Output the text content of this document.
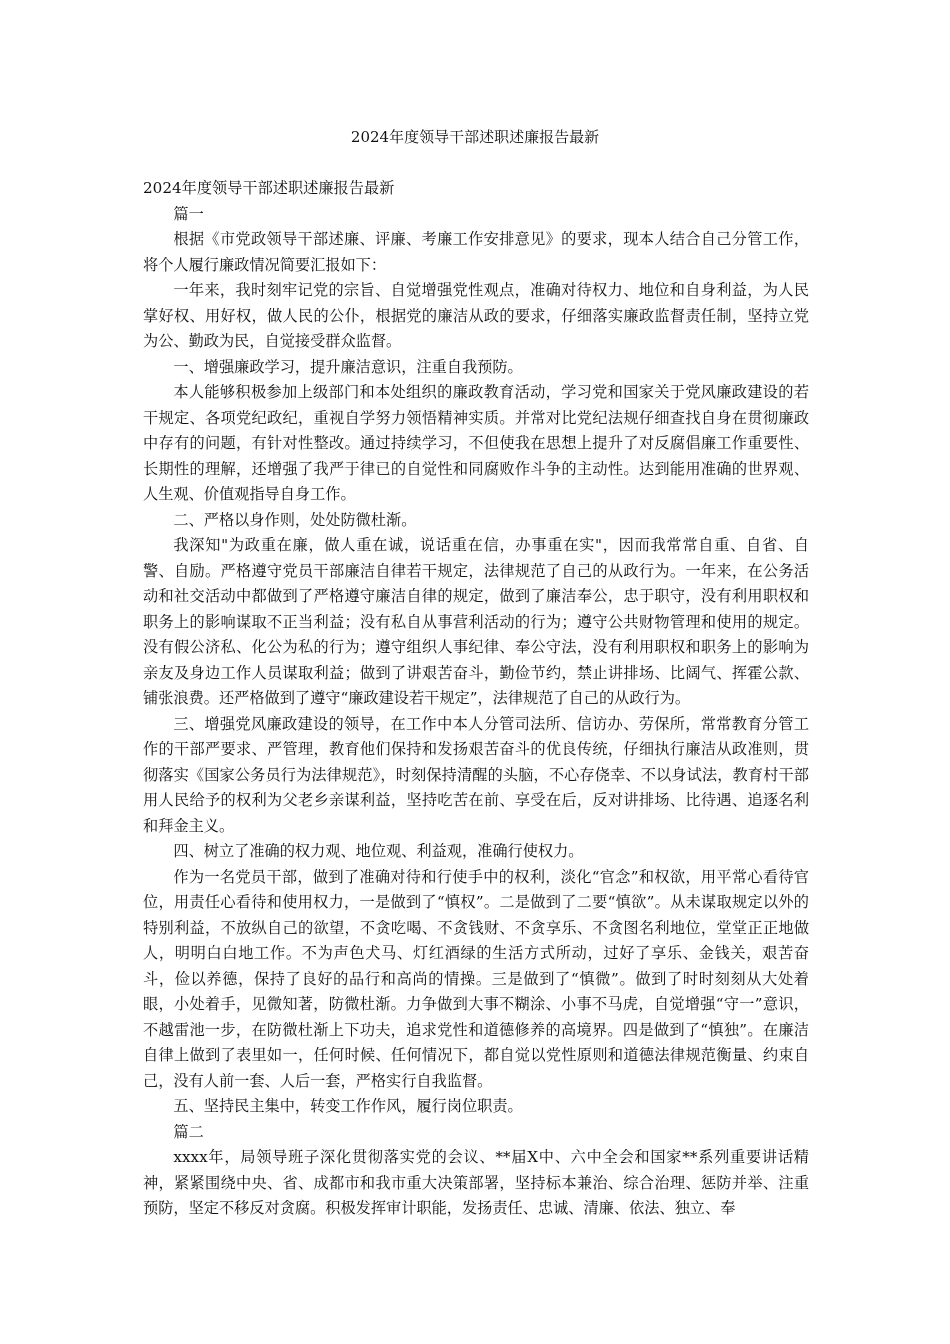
2024年度领导干部述职述廉报告最新

2024年度领导干部述职述廉报告最新

篇一

根据《市党政领导干部述廉、评廉、考廉工作安排意见》的要求，现本人结合自己分管工作，将个人履行廉政情况简要汇报如下：

一年来，我时刻牢记党的宗旨、自觉增强党性观点，准确对待权力、地位和自身利益，为人民掌好权、用好权，做人民的公仆，根据党的廉洁从政的要求，仔细落实廉政监督责任制，坚持立党为公、勤政为民，自觉接受群众监督。

一、增强廉政学习，提升廉洁意识，注重自我预防。

本人能够积极参加上级部门和本处组织的廉政教育活动，学习党和国家关于党风廉政建设的若干规定、各项党纪政纪，重视自学努力领悟精神实质。并常对比党纪法规仔细查找自身在贯彻廉政中存有的问题，有针对性整改。通过持续学习，不但使我在思想上提升了对反腐倡廉工作重要性、长期性的理解，还增强了我严于律已的自觉性和同腐败作斗争的主动性。达到能用准确的世界观、人生观、价值观指导自身工作。

二、严格以身作则，处处防微杜渐。

我深知"为政重在廉，做人重在诚，说话重在信，办事重在实"，因而我常常自重、自省、自警、自励。严格遵守党员干部廉洁自律若干规定，法律规范了自己的从政行为。一年来，在公务活动和社交活动中都做到了严格遵守廉洁自律的规定，做到了廉洁奉公，忠于职守，没有利用职权和职务上的影响谋取不正当利益；没有私自从事营利活动的行为；遵守公共财物管理和使用的规定。没有假公济私、化公为私的行为；遵守组织人事纪律、奉公守法，没有利用职权和职务上的影响为亲友及身边工作人员谋取利益；做到了讲艰苦奋斗，勤俭节约，禁止讲排场、比阔气、挥霍公款、铺张浪费。还严格做到了遵守“廉政建设若干规定”，法律规范了自己的从政行为。

三、增强党风廉政建设的领导，在工作中本人分管司法所、信访办、劳保所，常常教育分管工作的干部严要求、严管理，教育他们保持和发扬艰苦奋斗的优良传统，仔细执行廉洁从政准则，贯彻落实《国家公务员行为法律规范》，时刻保持清醒的头脑，不心存侥幸、不以身试法，教育村干部用人民给予的权利为父老乡亲谋利益，坚持吃苦在前、享受在后，反对讲排场、比待遇、追逐名利和拜金主义。

四、树立了准确的权力观、地位观、利益观，准确行使权力。

作为一名党员干部，做到了准确对待和行使手中的权利，淡化“官念”和权欲，用平常心看待官位，用责任心看待和使用权力，一是做到了“慎权”。二是做到了二要“慎欲”。从未谋取规定以外的特别利益，不放纵自己的欲望，不贪吃喝、不贪钱财、不贪享乐、不贪图名利地位，堂堂正正地做人，明明白白地工作。不为声色犬马、灯红酒绿的生活方式所动，过好了享乐、金钱关，艰苦奋斗，俭以养德，保持了良好的品行和高尚的情操。三是做到了“慎微”。做到了时时刻刻从大处着眼，小处着手，见微知著，防微杜渐。力争做到大事不糊涂、小事不马虎，自觉增强“守一”意识，不越雷池一步，在防微杜渐上下功夫，追求党性和道德修养的高境界。四是做到了“慎独”。在廉洁自律上做到了表里如一，任何时候、任何情况下，都自觉以党性原则和道德法律规范衡量、约束自己，没有人前一套、人后一套，严格实行自我监督。

五、坚持民主集中，转变工作作风，履行岗位职责。

篇二

xxxx年，局领导班子深化贯彻落实党的会议、**届X中、六中全会和国家**系列重要讲话精神，紧紧围绕中央、省、成都市和我市重大决策部署，坚持标本兼治、综合治理、惩防并举、注重预防，坚定不移反对贪腐。积极发挥审计职能，发扬责任、忠诚、清廉、依法、独立、奉
